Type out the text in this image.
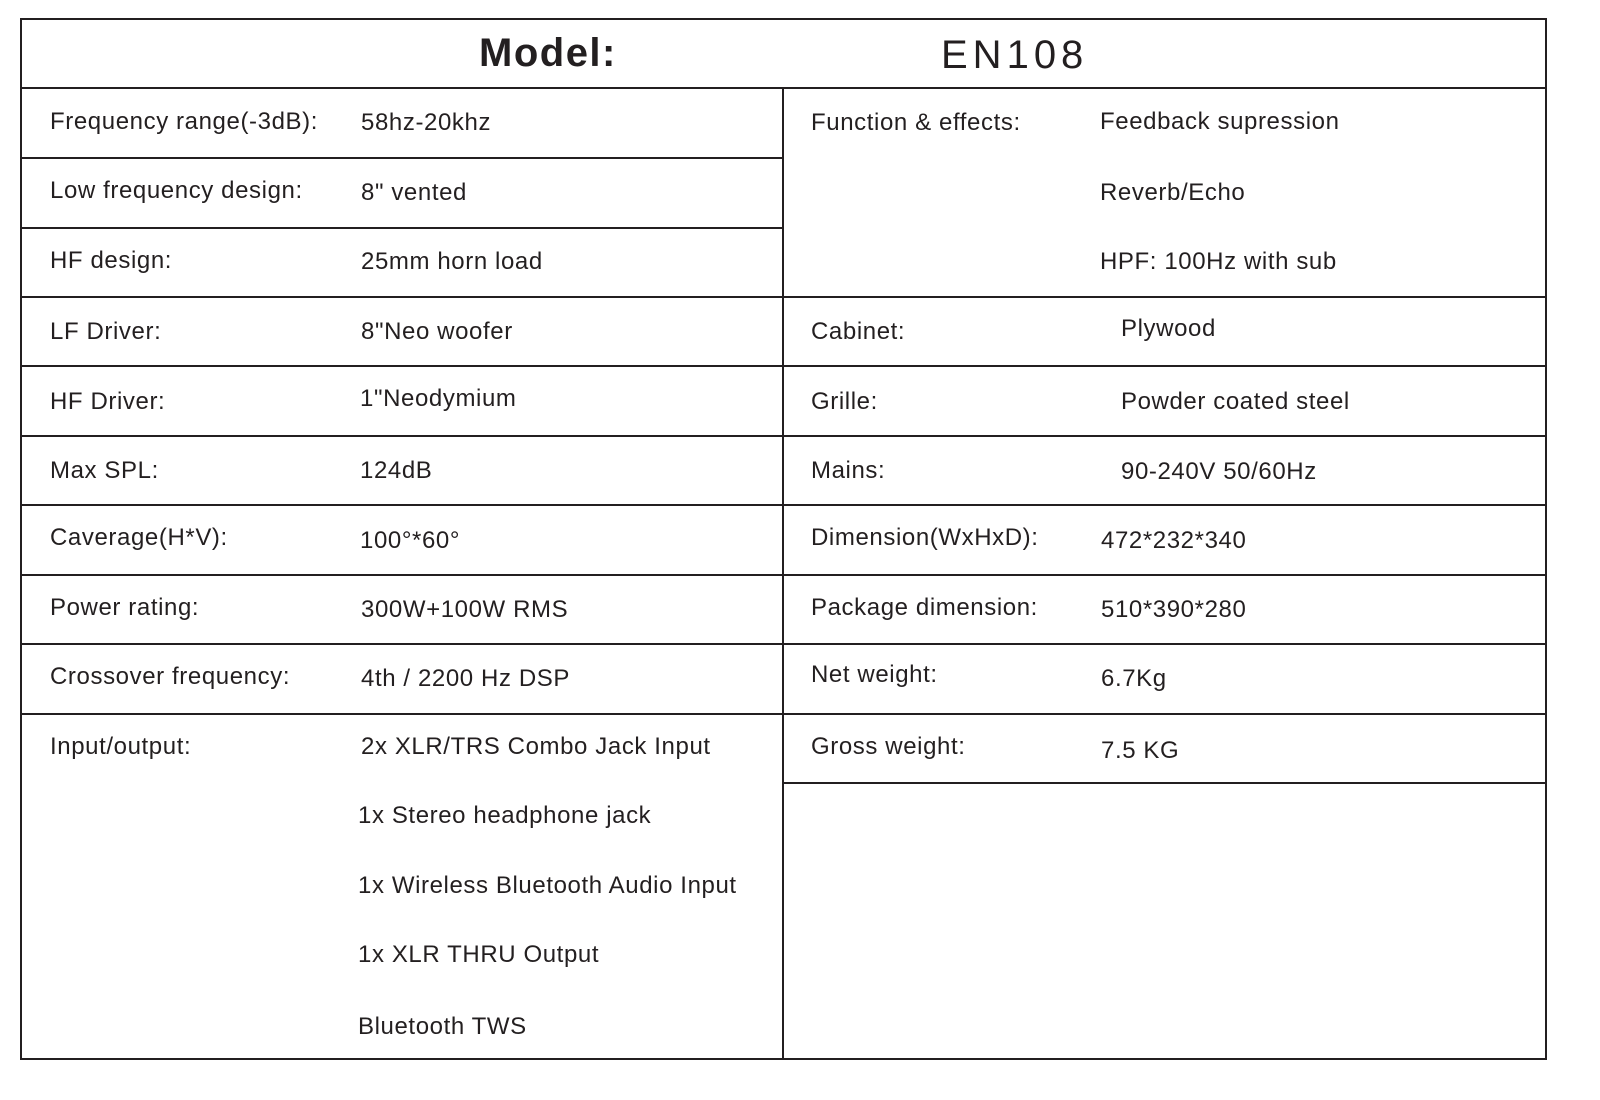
Model:	EN108
Frequency range(-3dB): 58hz-20khz
Low frequency design: 8" vented
HF design:	25mm horn load
LF Driver:	8"Neo woofer
HF Driver:	1"Neodymium
Max SPL:	124dB
Caverage(H*V):	100°*60°
Power rating:	300W+100W RMS
Crossover frequency:	4th / 2200 Hz DSP
Input/output:	2x XLR/TRS Combo Jack Input
1x Stereo headphone jack
1x Wireless Bluetooth Audio Input
1x XLR THRU Output
Bluetooth TWS
Function & effects:	Feedback supression
Reverb/Echo
HPF: 100Hz with sub
Cabinet:	Plywood
Grille:	Powder coated steel
Mains:	90-240V 50/60Hz
Dimension(WxHxD):	472*232*340
Package dimension:	510*390*280
Net weight:	6.7Kg
Gross weight:	7.5 KG
